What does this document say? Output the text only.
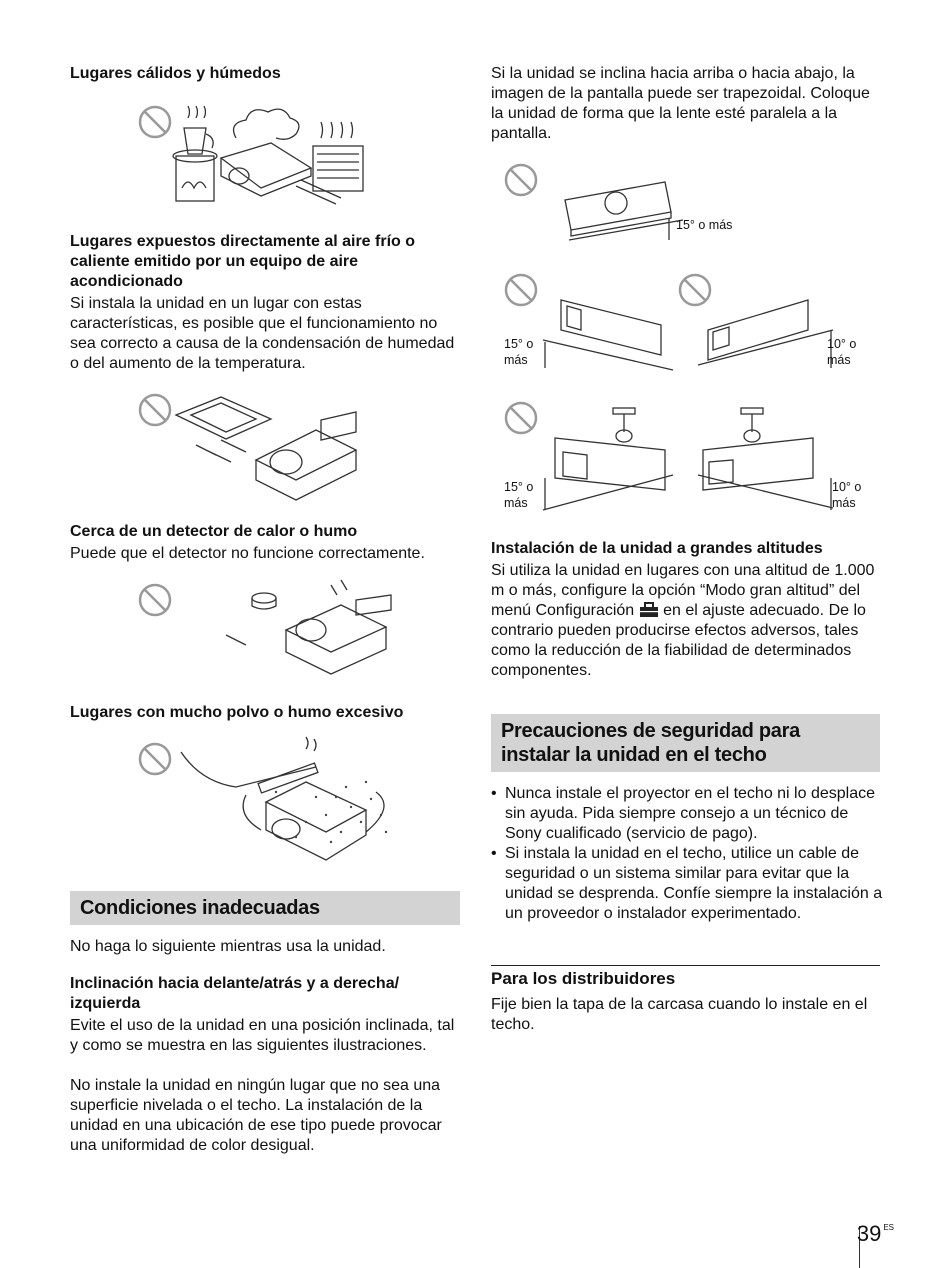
Lugares cálidos y húmedos

Lugares expuestos directamente al aire frío o caliente emitido por un equipo de aire acondicionado

Si instala la unidad en un lugar con estas características, es posible que el funcionamiento no sea correcto a causa de la condensación de humedad o del aumento de la temperatura.

Cerca de un detector de calor o humo

Puede que el detector no funcione correctamente.

Lugares con mucho polvo o humo excesivo

Condiciones inadecuadas

No haga lo siguiente mientras usa la unidad.

Inclinación hacia delante/atrás y a derecha/ izquierda

Evite el uso de la unidad en una posición inclinada, tal y como se muestra en las siguientes ilustraciones.

No instale la unidad en ningún lugar que no sea una superficie nivelada o el techo. La instalación de la unidad en una ubicación de ese tipo puede provocar una uniformidad de color desigual.

Si la unidad se inclina hacia arriba o hacia abajo, la imagen de la pantalla puede ser trapezoidal. Coloque la unidad de forma que la lente esté paralela a la pantalla.

15° o más
15° o
más
10° o
más
15° o
más
10° o
más

Instalación de la unidad a grandes altitudes

Si utiliza la unidad en lugares con una altitud de 1.000 m o más, configure la opción “Modo gran altitud” del menú Configuración en el ajuste adecuado. De lo contrario pueden producirse efectos adversos, tales como la reducción de la fiabilidad de determinados componentes.

Precauciones de seguridad para instalar la unidad en el techo
• Nunca instale el proyector en el techo ni lo desplace sin ayuda. Pida siempre consejo a un técnico de Sony cualificado (servicio de pago).
• Si instala la unidad en el techo, utilice un cable de seguridad o un sistema similar para evitar que la unidad se desprenda. Confíe siempre la instalación a un proveedor o instalador experimentado.

Para los distribuidores

Fije bien la tapa de la carcasa cuando lo instale en el techo.

39 $^{ES}$
